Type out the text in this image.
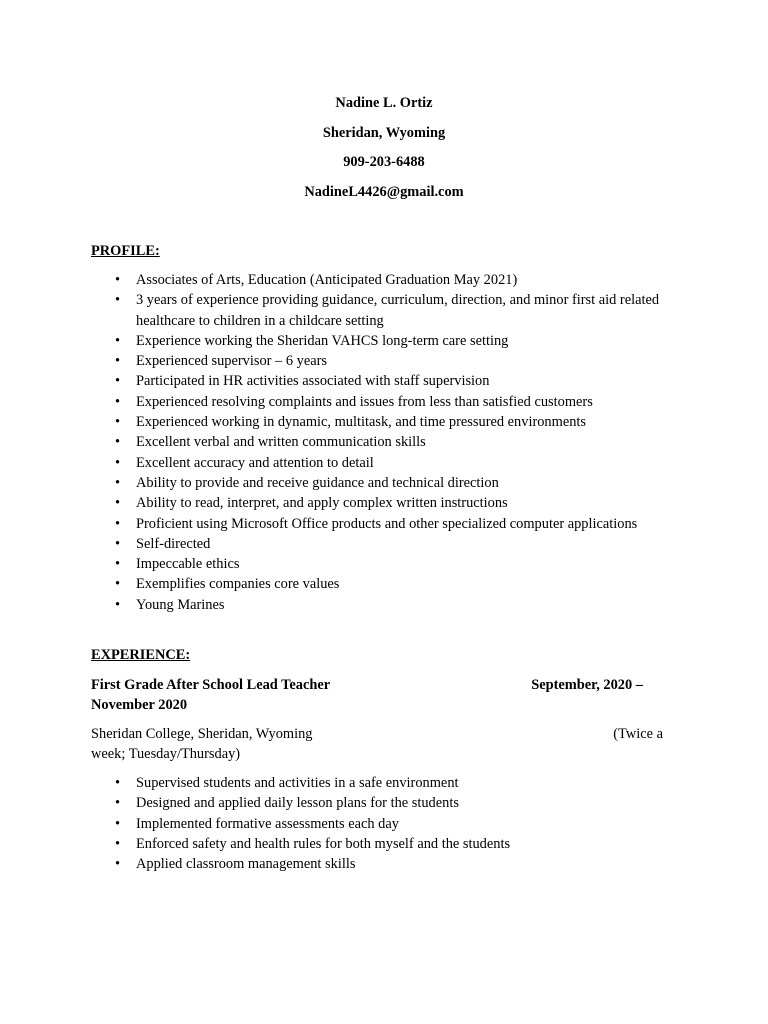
Nadine L. Ortiz
Sheridan, Wyoming
909-203-6488
NadineL4426@gmail.com
PROFILE:
• Associates of Arts, Education (Anticipated Graduation May 2021)
• 3 years of experience providing guidance, curriculum, direction, and minor first aid related healthcare to children in a childcare setting
• Experience working the Sheridan VAHCS long-term care setting
• Experienced supervisor – 6 years
• Participated in HR activities associated with staff supervision
• Experienced resolving complaints and issues from less than satisfied customers
• Experienced working in dynamic, multitask, and time pressured environments
• Excellent verbal and written communication skills
• Excellent accuracy and attention to detail
• Ability to provide and receive guidance and technical direction
• Ability to read, interpret, and apply complex written instructions
• Proficient using Microsoft Office products and other specialized computer applications
• Self-directed
• Impeccable ethics
• Exemplifies companies core values
• Young Marines
EXPERIENCE:
First Grade After School Lead Teacher	September, 2020 –
November 2020
Sheridan College, Sheridan, Wyoming	(Twice a
week; Tuesday/Thursday)
• Supervised students and activities in a safe environment
• Designed and applied daily lesson plans for the students
• Implemented formative assessments each day
• Enforced safety and health rules for both myself and the students
• Applied classroom management skills
